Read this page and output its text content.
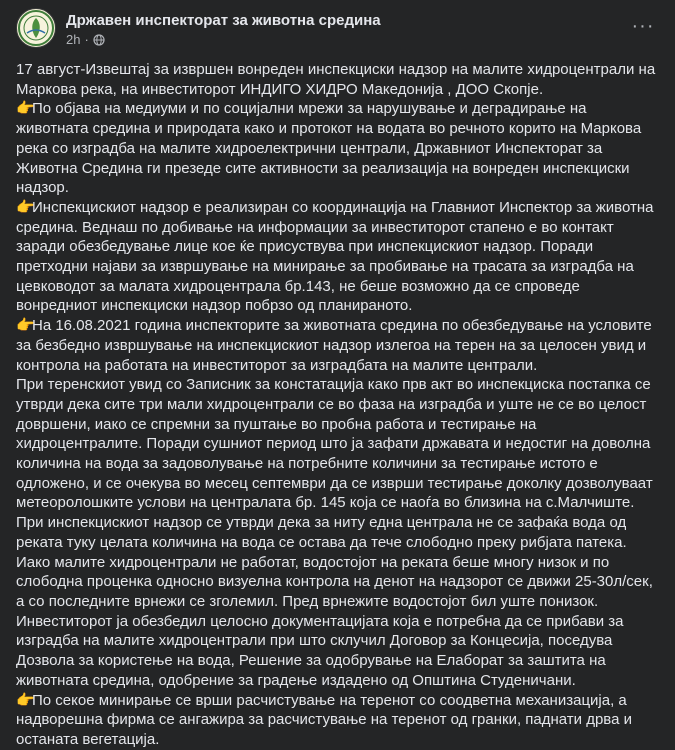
Државен инспекторат за животна средина
2h ·
···

17 август-Извештај за извршен вонреден инспекциски надзор на малите хидроцентрали на Маркова река, на инвеститорот ИНДИГО ХИДРО Македонија , ДОО Скопје.

👉По објава на медиуми и по социјални мрежи за нарушување и деградирање на животната средина и природата како и протокот на водата во речното корито на Маркова река со изградба на малите хидроелектрични централи, Државниот Инспекторат за Животна Средина ги презеде сите активности за реализација на вонреден инспекциски надзор.

👉Инспекцискиот надзор е реализиран со координација на Главниот Инспектор за животна средина. Веднаш по добивање на информации за инвеститорот стапено е во контакт заради обезбедување лице кое ќе присуствува при инспекцискиот надзор. Поради претходни најави за извршување на минирање за пробивање на трасата за изградба на цевководот за малата хидроцентрала бр.143, не беше возможно да се спроведе вонредниот инспекциски надзор побрзо од планираното.

👉На 16.08.2021 година инспекторите за животната средина по обезбедување на условите за безбедно извршување на инспекцискиот надзор излегоа на терен на за целосен увид и контрола на работата на инвеститорот за изградбата на малите централи.

При теренскиот увид со Записник за констатација како прв акт во инспекциска постапка се утврди дека сите три мали хидроцентрали се во фаза на изградба и уште не се во целост довршени, иако се спремни за пуштање во пробна работа и тестирање на хидроцентралите. Поради сушниот период што ја зафати државата и недостиг на доволна количина на вода за задоволување на потребните количини за тестирање истото е одложено, и се очекува во месец септември да се изврши тестирање доколку дозволуваат метеоролошките услови на централата бр. 145 која се наоѓа во близина на с.Малчиште.

При инспекцискиот надзор се утврди дека за ниту една централа не се зафаќа вода од реката туку целата количина на вода се остава да тече слободно преку рибјата патека.

Иако малите хидроцентрали не работат, водостојот на реката беше многу низок и по слободна проценка односно визуелна контрола на денот на надзорот се движи 25-30л/сек, а со последните врнежи се зголемил. Пред врнежите водостојот бил уште понизок.

Инвеститорот ја обезбедил целосно документацијата која е потребна да се прибави за изградба на малите хидроцентрали при што склучил Договор за Концесија, поседува Дозвола за користење на вода, Решение за одобрување на Елаборат за заштита на животната средина, одобрение за градење издадено од Општина Студеничани.

👉По секое минирање се врши расчистување на теренот со соодветна механизација, а надворешна фирма се ангажира за расчистување на теренот од гранки, паднати дрва и останата вегетација.
